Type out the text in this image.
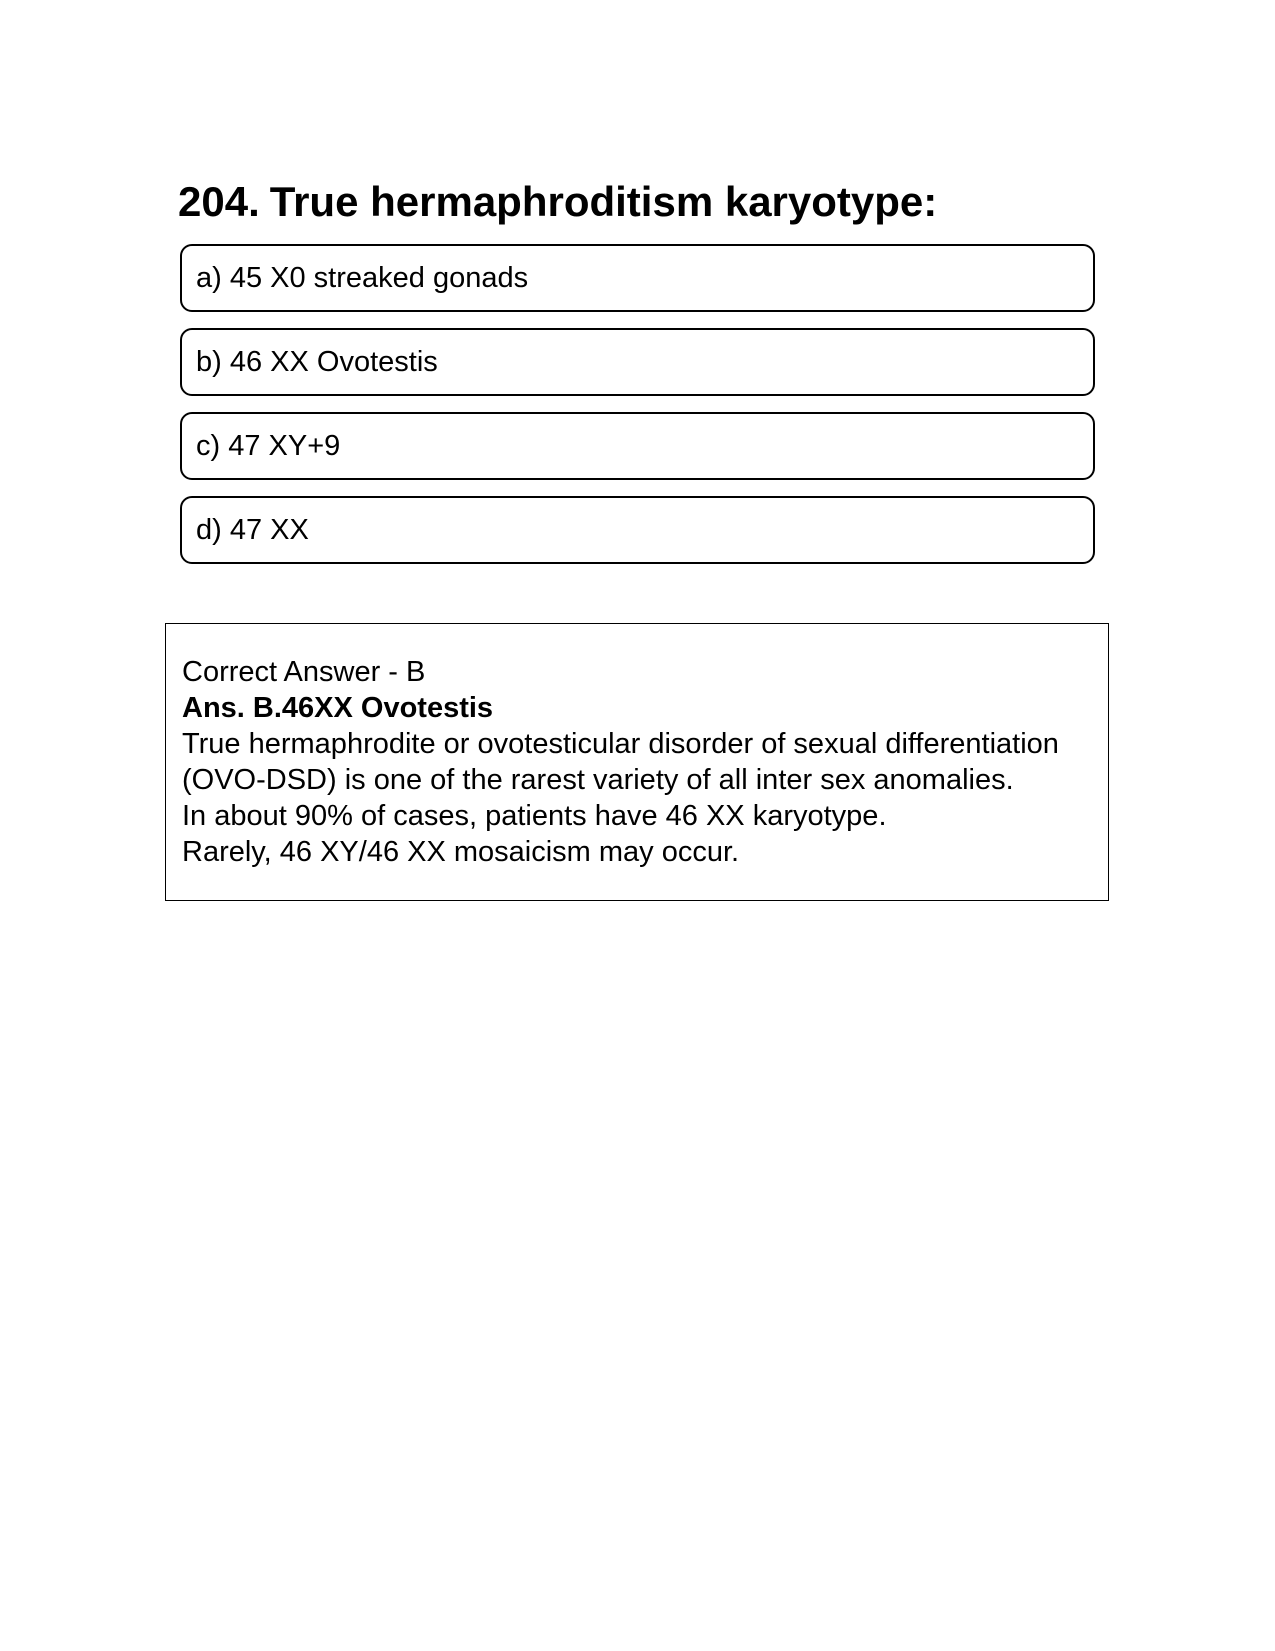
204. True hermaphroditism karyotype:
a) 45 X0 streaked gonads
b) 46 XX Ovotestis
c) 47 XY+9
d) 47 XX
Correct Answer - B
Ans. B.46XX Ovotestis
True hermaphrodite or ovotesticular disorder of sexual differentiation
(OVO-DSD) is one of the rarest variety of all inter sex anomalies.
In about 90% of cases, patients have 46 XX karyotype.
Rarely, 46 XY/46 XX mosaicism may occur.
